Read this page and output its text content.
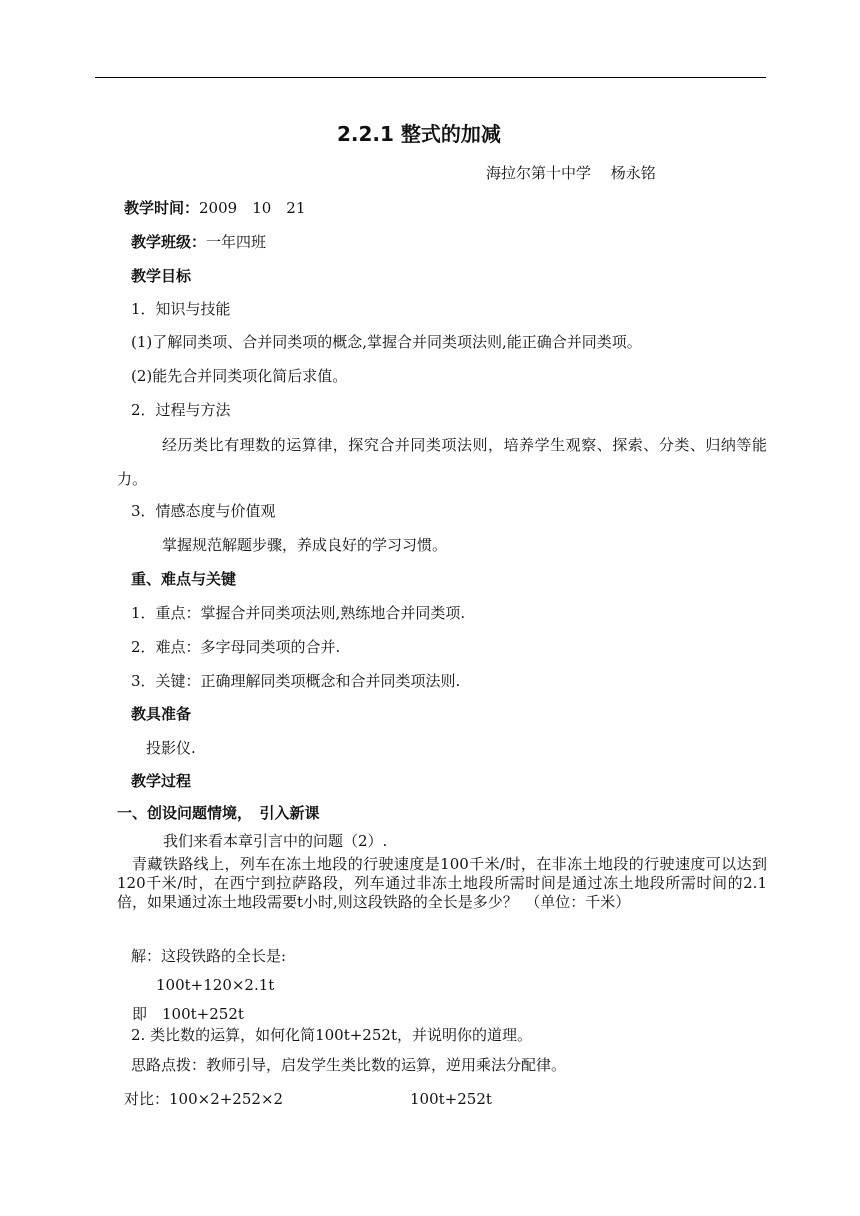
2.2.1 整式的加减
海拉尔第十中学　 杨永铭
教学时间：2009　10　21
教学班级：一年四班
教学目标
1．知识与技能
(1)了解同类项、合并同类项的概念,掌握合并同类项法则,能正确合并同类项。
(2)能先合并同类项化简后求值。
2．过程与方法
经历类比有理数的运算律，探究合并同类项法则，培养学生观察、探索、分类、归纳等能力。
3．情感态度与价值观
掌握规范解题步骤，养成良好的学习习惯。
重、难点与关键
1．重点：掌握合并同类项法则,熟练地合并同类项.
2．难点：多字母同类项的合并.
3．关键：正确理解同类项概念和合并同类项法则.
教具准备
投影仪.
教学过程
一、创设问题情境，　引入新课
我们来看本章引言中的问题（2）.
青藏铁路线上，列车在冻土地段的行驶速度是100千米/时，在非冻土地段的行驶速度可以达到120千米/时，在西宁到拉萨路段，列车通过非冻土地段所需时间是通过冻土地段所需时间的2.1倍，如果通过冻土地段需要t小时,则这段铁路的全长是多少？　（单位：千米）
解：这段铁路的全长是:
100t+120×2.1t
即　100t+252t
2. 类比数的运算，如何化简100t+252t，并说明你的道理。
思路点拨：教师引导，启发学生类比数的运算，逆用乘法分配律。
对比：100×2+252×2	100t+252t
